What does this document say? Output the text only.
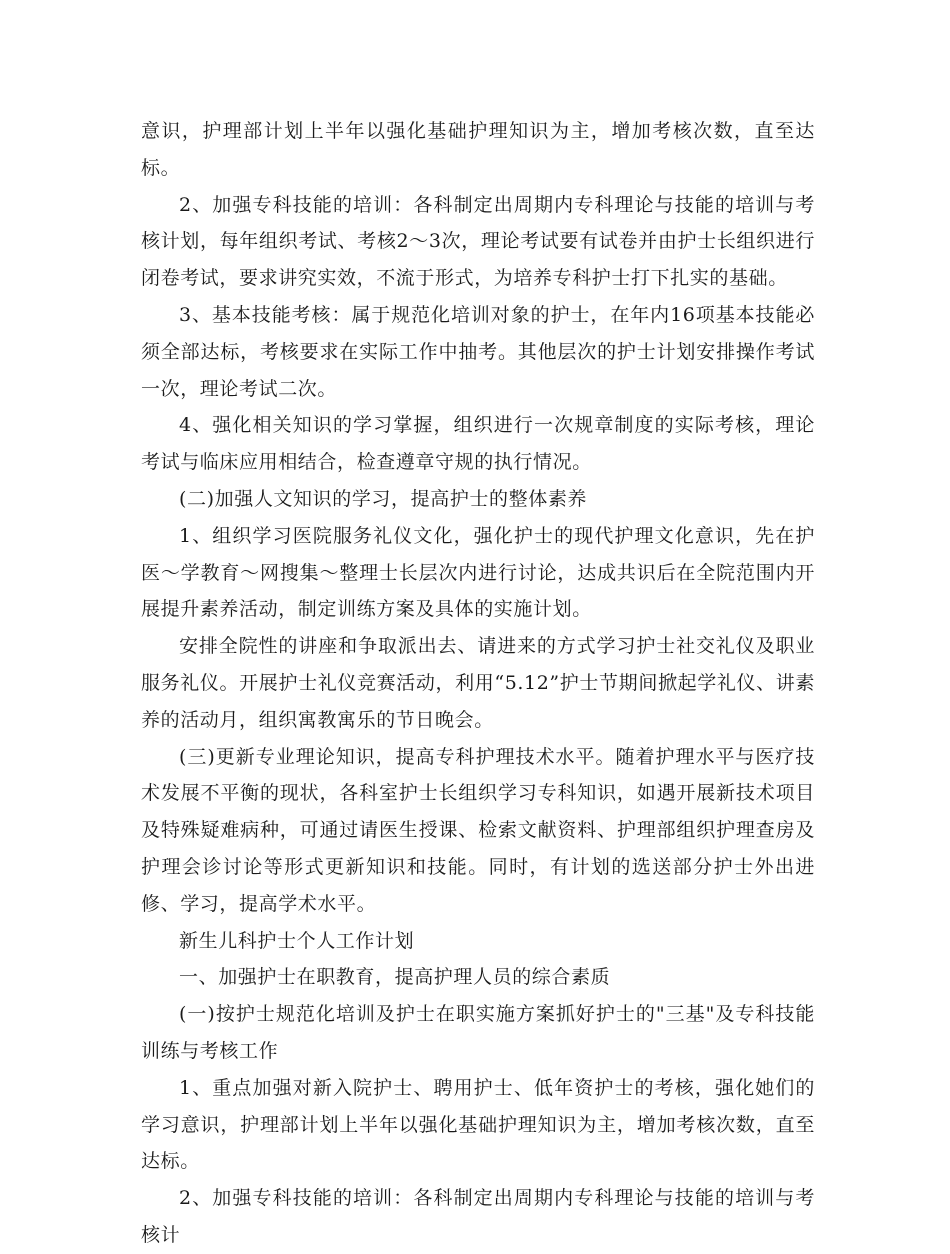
意识，护理部计划上半年以强化基础护理知识为主，增加考核次数，直至达标。

2、加强专科技能的培训：各科制定出周期内专科理论与技能的培训与考核计划，每年组织考试、考核2～3次，理论考试要有试卷并由护士长组织进行闭卷考试，要求讲究实效，不流于形式，为培养专科护士打下扎实的基础。

3、基本技能考核：属于规范化培训对象的护士，在年内16项基本技能必须全部达标，考核要求在实际工作中抽考。其他层次的护士计划安排操作考试一次，理论考试二次。

4、强化相关知识的学习掌握，组织进行一次规章制度的实际考核，理论考试与临床应用相结合，检查遵章守规的执行情况。

(二)加强人文知识的学习，提高护士的整体素养

1、组织学习医院服务礼仪文化，强化护士的现代护理文化意识，先在护医～学教育～网搜集～整理士长层次内进行讨论，达成共识后在全院范围内开展提升素养活动，制定训练方案及具体的实施计划。

安排全院性的讲座和争取派出去、请进来的方式学习护士社交礼仪及职业服务礼仪。开展护士礼仪竞赛活动，利用“5.12”护士节期间掀起学礼仪、讲素养的活动月，组织寓教寓乐的节日晚会。

(三)更新专业理论知识，提高专科护理技术水平。随着护理水平与医疗技术发展不平衡的现状，各科室护士长组织学习专科知识，如遇开展新技术项目及特殊疑难病种，可通过请医生授课、检索文献资料、护理部组织护理查房及护理会诊讨论等形式更新知识和技能。同时，有计划的选送部分护士外出进修、学习，提高学术水平。

新生儿科护士个人工作计划

一、加强护士在职教育，提高护理人员的综合素质

(一)按护士规范化培训及护士在职实施方案抓好护士的"三基"及专科技能训练与考核工作

1、重点加强对新入院护士、聘用护士、低年资护士的考核，强化她们的学习意识，护理部计划上半年以强化基础护理知识为主，增加考核次数，直至达标。

2、加强专科技能的培训：各科制定出周期内专科理论与技能的培训与考核计
